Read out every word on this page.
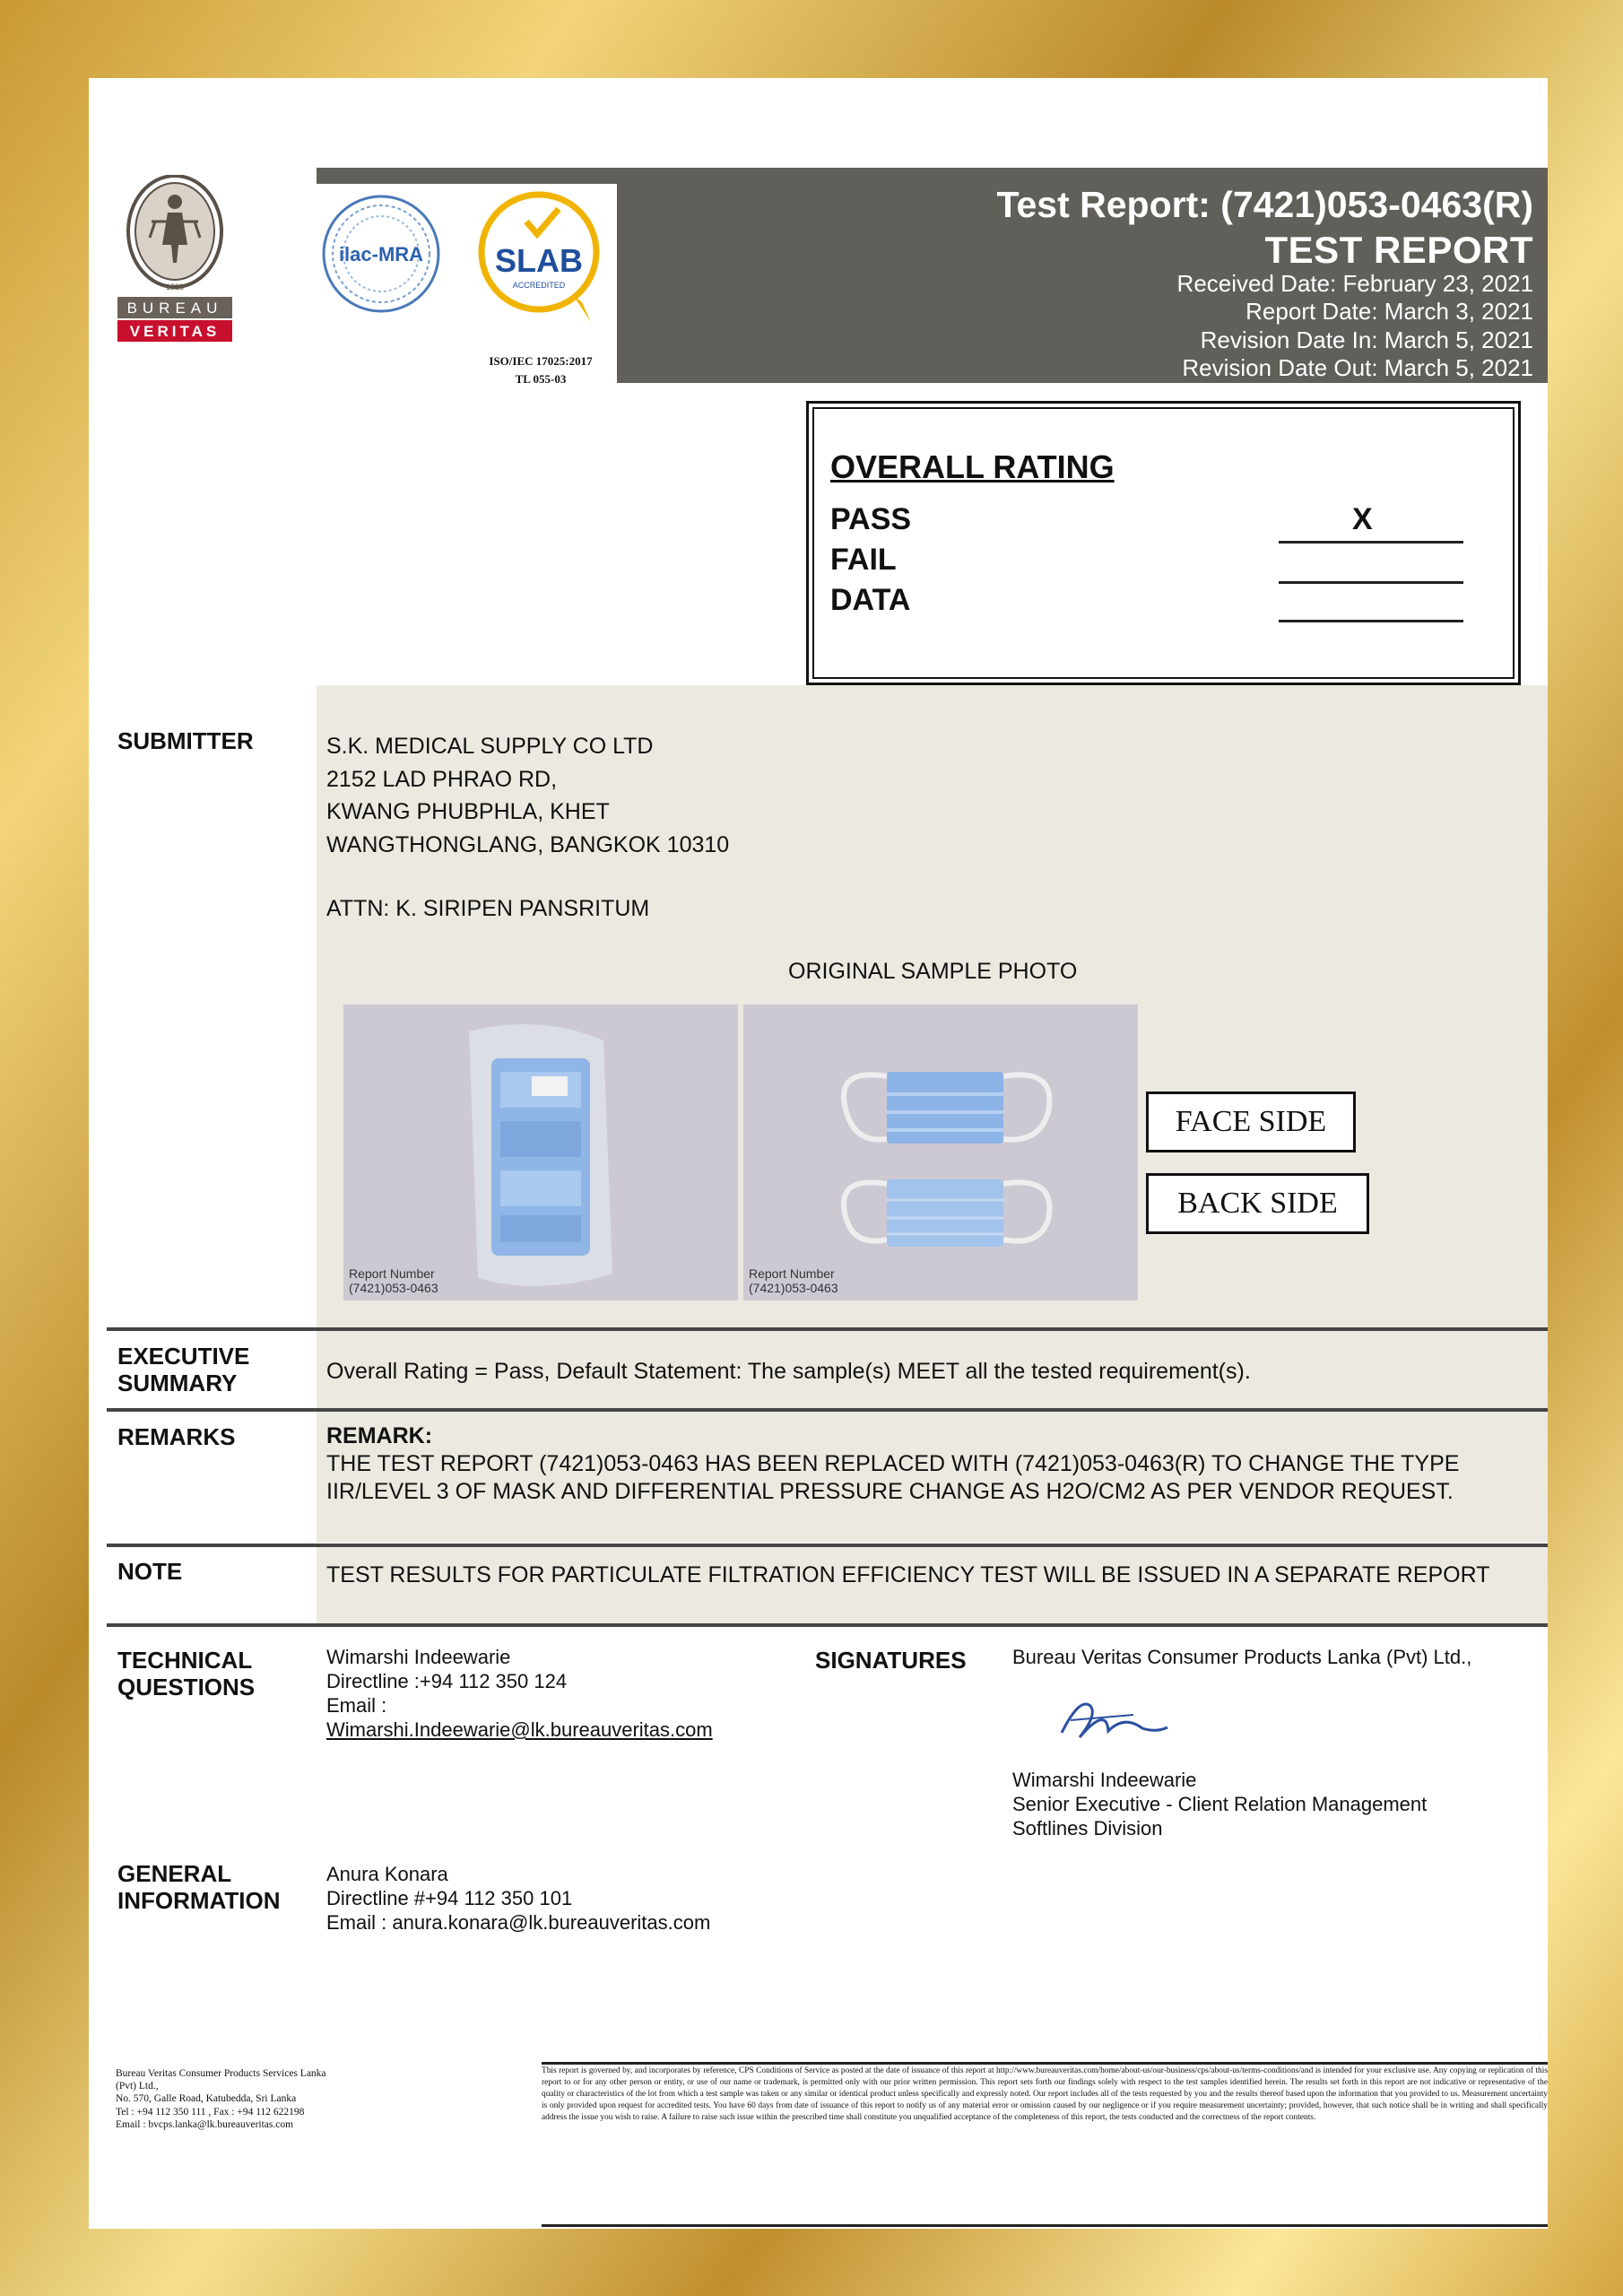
BUREAU
VERITAS
1828
ilac-MRA SLAB
ACCREDITED
ISO/IEC 17025:2017
TL 055-03
Test Report: (7421)053-0463(R)
TEST REPORT
Received Date: February 23, 2021
Report Date: March 3, 2021
Revision Date In: March 5, 2021
Revision Date Out: March 5, 2021
OVERALL RATING
PASS	X
FAIL
DATA
SUBMITTER	S.K. MEDICAL SUPPLY CO LTD
2152 LAD PHRAO RD,
KWANG PHUBPHLA, KHET
WANGTHONGLANG, BANGKOK 10310
ATTN: K. SIRIPEN PANSRITUM
ORIGINAL SAMPLE PHOTO
Report Number
(7421)053-0463
Report Number
(7421)053-0463
FACE SIDE
BACK SIDE
EXECUTIVE
SUMMARY	Overall Rating = Pass, Default Statement: The sample(s) MEET all the tested requirement(s).
REMARKS	REMARK:
THE TEST REPORT (7421)053-0463 HAS BEEN REPLACED WITH (7421)053-0463(R) TO CHANGE THE TYPE IIR/LEVEL 3 OF MASK AND DIFFERENTIAL PRESSURE CHANGE AS H2O/CM2 AS PER VENDOR REQUEST.
NOTE	TEST RESULTS FOR PARTICULATE FILTRATION EFFICIENCY TEST WILL BE ISSUED IN A SEPARATE REPORT
TECHNICAL
QUESTIONS
Wimarshi Indeewarie
Directline :+94 112 350 124
Email :
Wimarshi.Indeewarie@lk.bureauveritas.com
SIGNATURES Bureau Veritas Consumer Products Lanka (Pvt) Ltd.,
Wimarshi Indeewarie
Senior Executive - Client Relation Management
Softlines Division
GENERAL
INFORMATION
Anura Konara
Directline #+94 112 350 101
Email : anura.konara@lk.bureauveritas.com
Bureau Veritas Consumer Products Services Lanka
(Pvt) Ltd.,
No. 570, Galle Road, Katubedda, Sri Lanka
Tel : +94 112 350 111 , Fax : +94 112 622198
Email : bvcps.lanka@lk.bureauveritas.com
This report is governed by, and incorporates by reference, CPS Conditions of Service as posted at the date of issuance of this report at http://www.bureauveritas.com/home/about-us/our-business/cps/about-us/terms-conditions/and is intended for your exclusive use. Any copying or replication of this report to or for any other person or entity, or use of our name or trademark, is permitted only with our prior written permission. This report sets forth our findings solely with respect to the test samples identified herein. The results set forth in this report are not indicative or representative of the quality or characteristics of the lot from which a test sample was taken or any similar or identical product unless specifically and expressly noted. Our report includes all of the tests requested by you and the results thereof based upon the information that you provided to us. Measurement uncertainty is only provided upon request for accredited tests. You have 60 days from date of issuance of this report to notify us of any material error or omission caused by our negligence or if you require measurement uncertainty; provided, however, that such notice shall be in writing and shall specifically address the issue you wish to raise. A failure to raise such issue within the prescribed time shall constitute you unqualified acceptance of the completeness of this report, the tests conducted and the correctness of the report contents.
